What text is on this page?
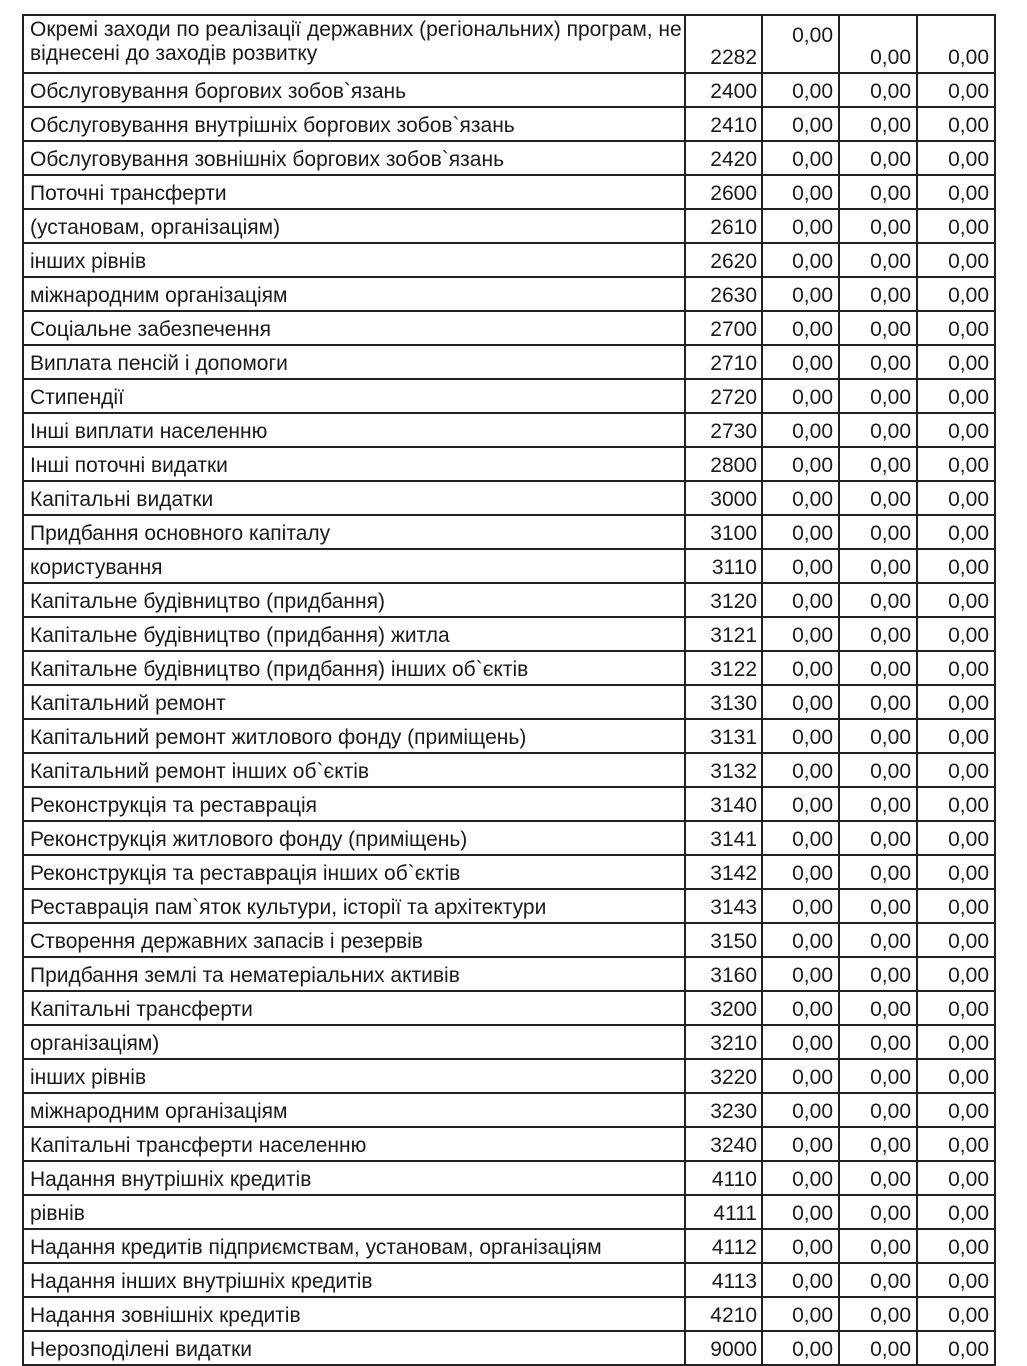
Окремі заходи по реалізації державних (регіональних) програм, не віднесені до заходів розвитку	2282	0,00	0,00	0,00
Обслуговування боргових зобов`язань	2400	0,00	0,00	0,00
Обслуговування внутрішніх боргових зобов`язань	2410	0,00	0,00	0,00
Обслуговування зовнішніх боргових зобов`язань	2420	0,00	0,00	0,00
Поточні трансферти	2600	0,00	0,00	0,00
(установам, організаціям)	2610	0,00	0,00	0,00
інших рівнів	2620	0,00	0,00	0,00
міжнародним організаціям	2630	0,00	0,00	0,00
Соціальне забезпечення	2700	0,00	0,00	0,00
Виплата пенсій і допомоги	2710	0,00	0,00	0,00
Стипендії	2720	0,00	0,00	0,00
Інші виплати населенню	2730	0,00	0,00	0,00
Інші поточні видатки	2800	0,00	0,00	0,00
Капітальні видатки	3000	0,00	0,00	0,00
Придбання основного капіталу	3100	0,00	0,00	0,00
користування	3110	0,00	0,00	0,00
Капітальне будівництво (придбання)	3120	0,00	0,00	0,00
Капітальне будівництво (придбання) житла	3121	0,00	0,00	0,00
Капітальне будівництво (придбання) інших об`єктів	3122	0,00	0,00	0,00
Капітальний ремонт	3130	0,00	0,00	0,00
Капітальний ремонт житлового фонду (приміщень)	3131	0,00	0,00	0,00
Капітальний ремонт інших об`єктів	3132	0,00	0,00	0,00
Реконструкція та реставрація	3140	0,00	0,00	0,00
Реконструкція житлового фонду (приміщень)	3141	0,00	0,00	0,00
Реконструкція та реставрація інших об`єктів	3142	0,00	0,00	0,00
Реставрація пам`яток культури, історії та архітектури	3143	0,00	0,00	0,00
Створення державних запасів і резервів	3150	0,00	0,00	0,00
Придбання землі та нематеріальних активів	3160	0,00	0,00	0,00
Капітальні трансферти	3200	0,00	0,00	0,00
організаціям)	3210	0,00	0,00	0,00
інших рівнів	3220	0,00	0,00	0,00
міжнародним організаціям	3230	0,00	0,00	0,00
Капітальні трансферти населенню	3240	0,00	0,00	0,00
Надання внутрішніх кредитів	4110	0,00	0,00	0,00
рівнів	4111	0,00	0,00	0,00
Надання кредитів підприємствам, установам, організаціям	4112	0,00	0,00	0,00
Надання інших внутрішніх кредитів	4113	0,00	0,00	0,00
Надання зовнішніх кредитів	4210	0,00	0,00	0,00
Нерозподілені видатки	9000	0,00	0,00	0,00
